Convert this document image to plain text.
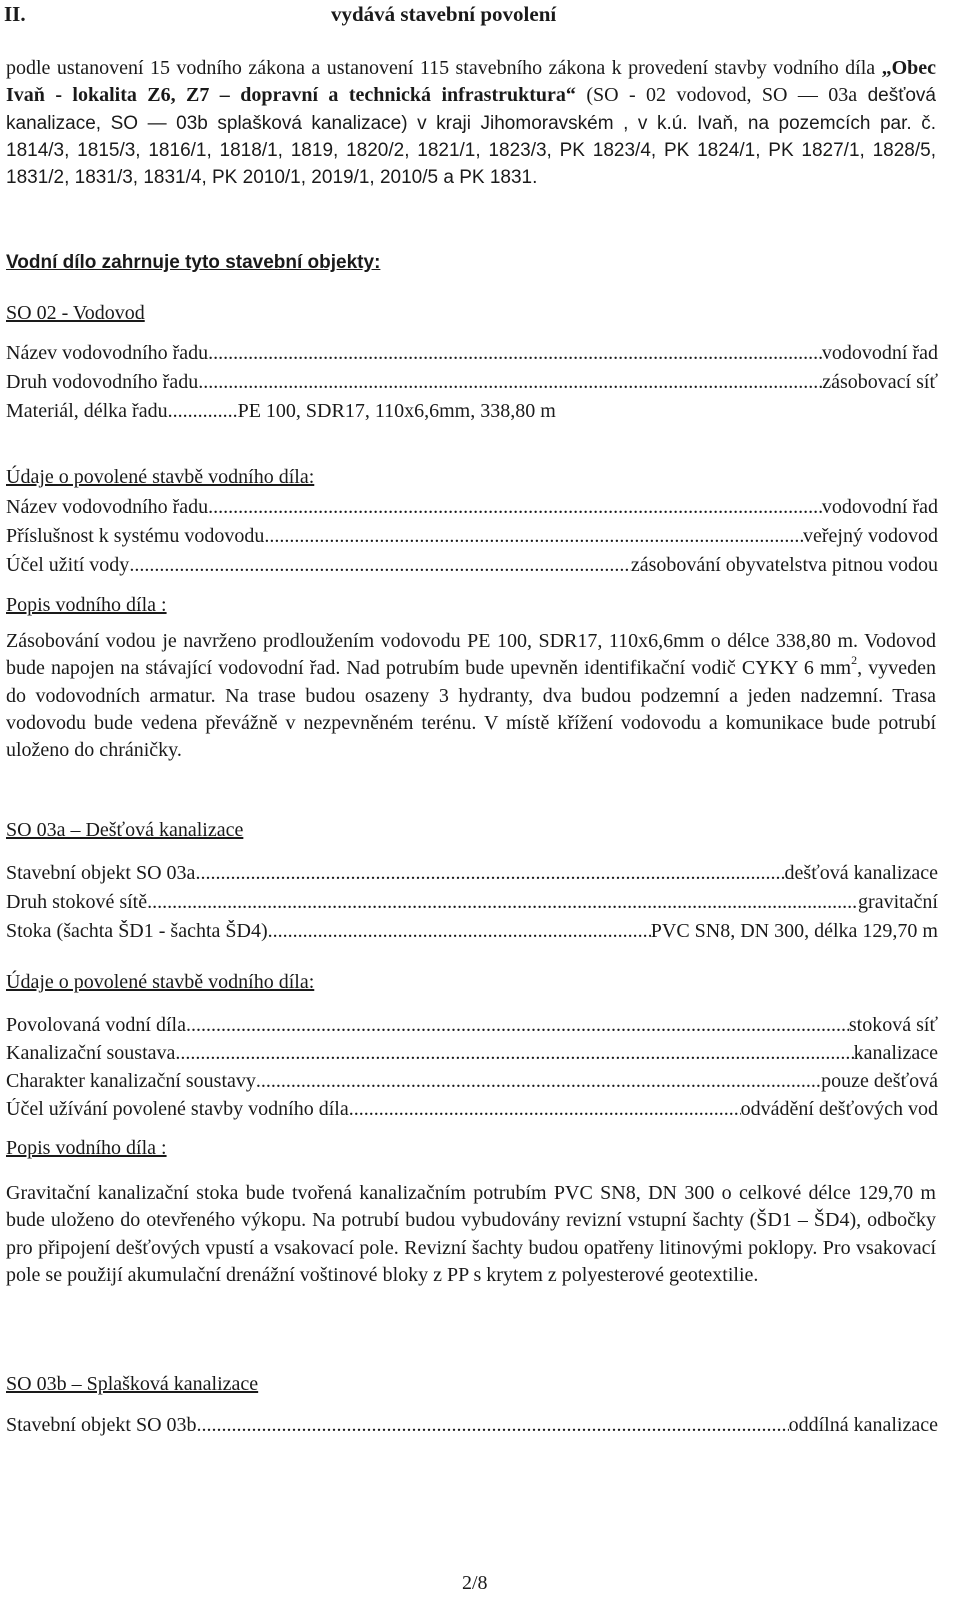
II.	vydává stavební povolení
podle ustanovení 15 vodního zákona a ustanovení 115 stavebního zákona k provedení stavby vodního díla „Obec Ivaň - lokalita Z6, Z7 – dopravní a technická infrastruktura“ (SO - 02 vodovod, SO — 03a dešťová kanalizace, SO — 03b splašková kanalizace) v kraji Jihomoravském , v k.ú. Ivaň, na pozemcích par. č. 1814/3, 1815/3, 1816/1, 1818/1, 1819, 1820/2, 1821/1, 1823/3, PK 1823/4, PK 1824/1, PK 1827/1, 1828/5, 1831/2, 1831/3, 1831/4, PK 2010/1, 2019/1, 2010/5 a PK 1831.
Vodní dílo zahrnuje tyto stavební objekty:
SO 02 - Vodovod
Název vodovodního řadu .....	vodovodní řad
Druh vodovodního řadu .....	zásobovací síť
Materiál, délka řadu .....	PE 100, SDR17, 110x6,6mm, 338,80 m
Údaje o povolené stavbě vodního díla:
Název vodovodního řadu .....	vodovodní řad
Příslušnost k systému vodovodu .....	veřejný vodovod
Účel užití vody .....	zásobování obyvatelstva pitnou vodou
Popis vodního díla :
Zásobování vodou je navrženo prodloužením vodovodu PE 100, SDR17, 110x6,6mm o délce 338,80 m. Vodovod bude napojen na stávající vodovodní řad. Nad potrubím bude upevněn identifikační vodič CYKY 6 $mm^2$, vyveden do vodovodních armatur. Na trase budou osazeny 3 hydranty, dva budou podzemní a jeden nadzemní. Trasa vodovodu bude vedena převážně v nezpevněném terénu. V místě křížení vodovodu a komunikace bude potrubí uloženo do chráničky.
SO 03a – Dešťová kanalizace
Stavební objekt SO 03a .....	dešťová kanalizace
Druh stokové sítě .....	gravitační
Stoka (šachta ŠD1 - šachta ŠD4) .....	PVC SN8, DN 300, délka 129,70 m
Údaje o povolené stavbě vodního díla:
Povolovaná vodní díla .....	stoková síť
Kanalizační soustava .....	kanalizace
Charakter kanalizační soustavy .....	pouze dešťová
Účel užívání povolené stavby vodního díla .....	odvádění dešťových vod
Popis vodního díla :
Gravitační kanalizační stoka bude tvořená kanalizačním potrubím PVC SN8, DN 300 o celkové délce 129,70 m bude uloženo do otevřeného výkopu. Na potrubí budou vybudovány revizní vstupní šachty (ŠD1 – ŠD4), odbočky pro připojení dešťových vpustí a vsakovací pole. Revizní šachty budou opatřeny litinovými poklopy. Pro vsakovací pole se použijí akumulační drenážní voštinové bloky z PP s krytem z polyesterové geotextilie.
SO 03b – Splašková kanalizace
Stavební objekt SO 03b .....	oddílná kanalizace
2/8
